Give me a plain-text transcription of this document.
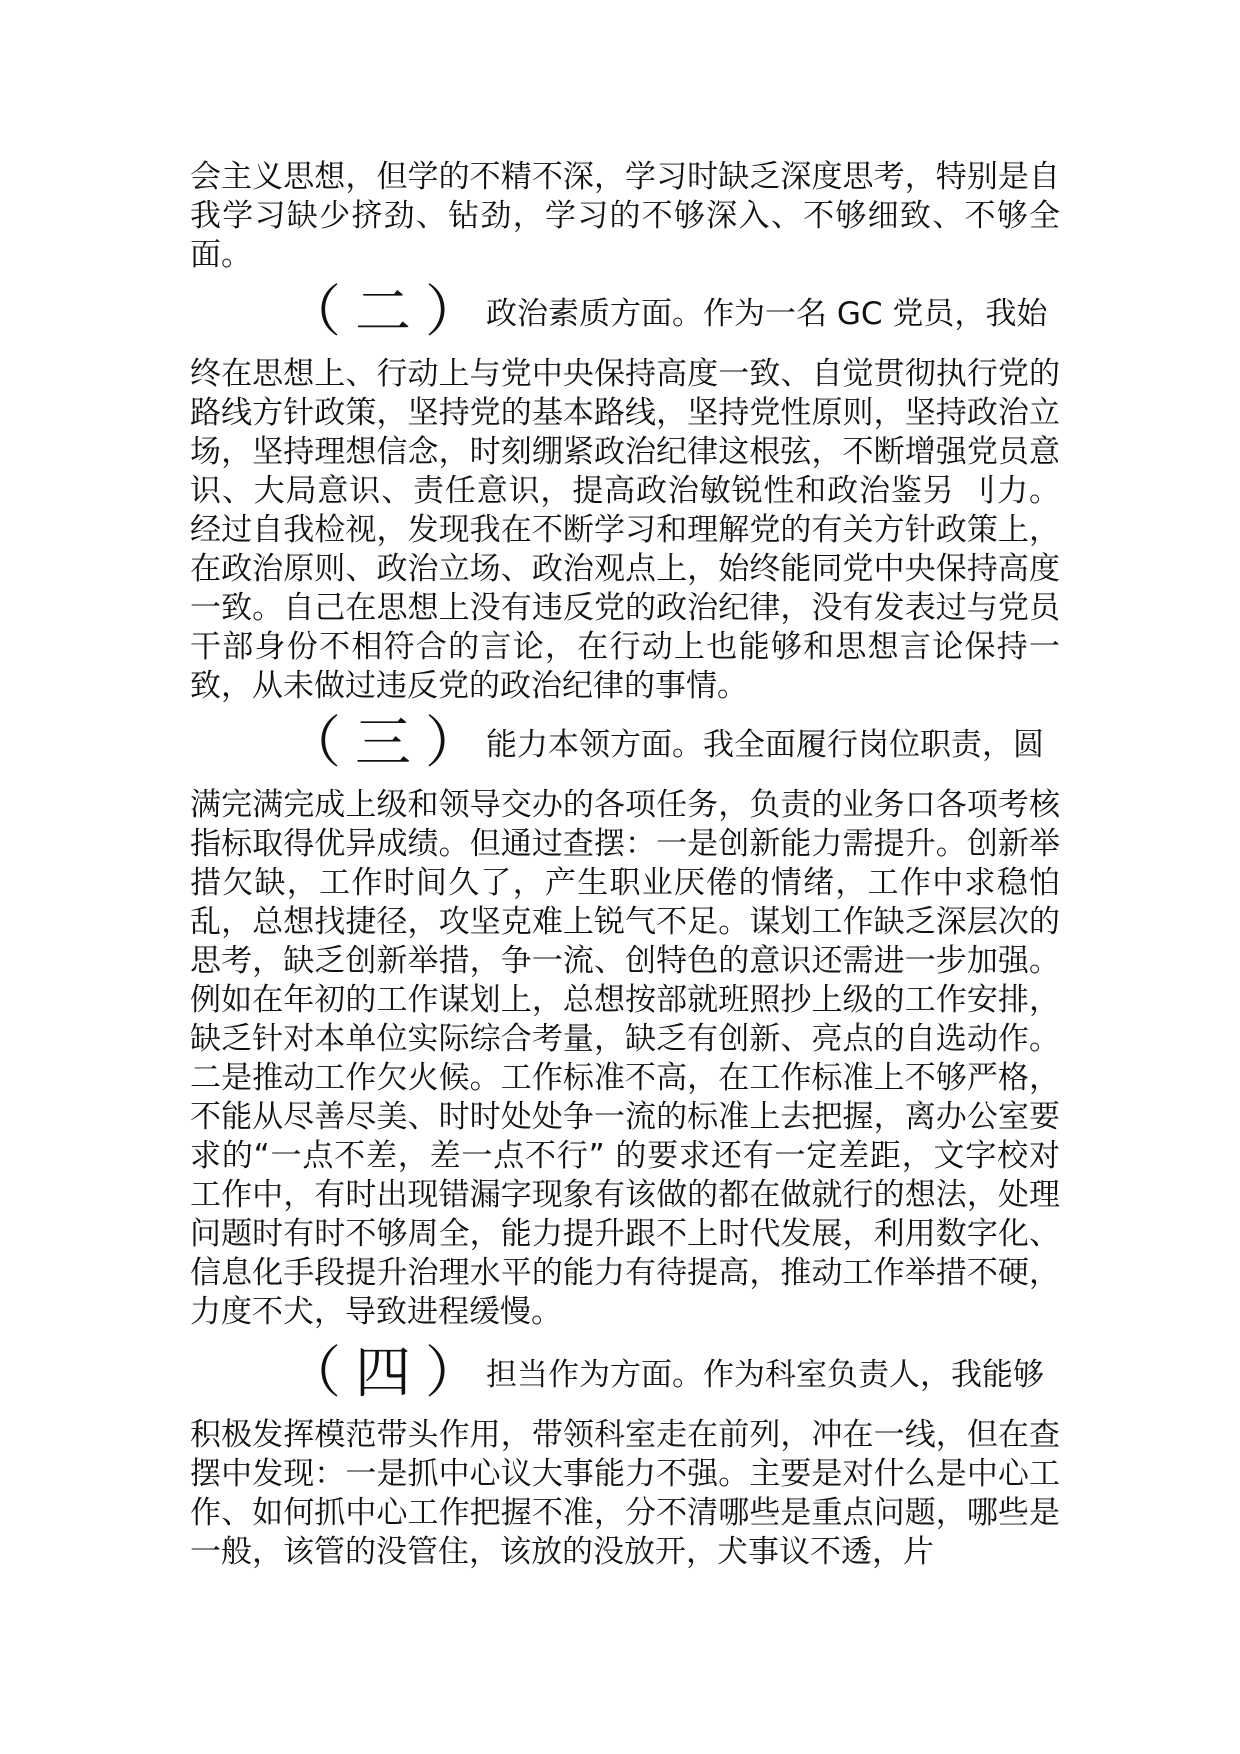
会主义思想，但学的不精不深，学习时缺乏深度思考，特别是自我学习缺少挤劲、钻劲，学习的不够深入、不够细致、不够全面。

（二）
政治素质方面。作为一名 GC 党员，我始

终在思想上、行动上与党中央保持高度一致、自觉贯彻执行党的路线方针政策，坚持党的基本路线，坚持党性原则，坚持政治立场，坚持理想信念，时刻绷紧政治纪律这根弦，不断增强党员意识、大局意识、责任意识，提高政治敏锐性和政治鉴另 刂力。经过自我检视，发现我在不断学习和理解党的有关方针政策上，在政治原则、政治立场、政治观点上，始终能同党中央保持高度一致。自己在思想上没有违反党的政治纪律，没有发表过与党员干部身份不相符合的言论，在行动上也能够和思想言论保持一致，从未做过违反党的政治纪律的事情。

（三）
能力本领方面。我全面履行岗位职责，圆

满完满完成上级和领导交办的各项任务，负责的业务口各项考核指标取得优异成绩。但通过查摆：一是创新能力需提升。创新举措欠缺，工作时间久了，产生职业厌倦的情绪，工作中求稳怕乱，总想找捷径，攻坚克难上锐气不足。谋划工作缺乏深层次的思考，缺乏创新举措，争一流、创特色的意识还需进一步加强。例如在年初的工作谋划上，总想按部就班照抄上级的工作安排，缺乏针对本单位实际综合考量，缺乏有创新、亮点的自选动作。二是推动工作欠火候。工作标准不高，在工作标准上不够严格，不能从尽善尽美、时时处处争一流的标准上去把握，离办公室要求的“一点不差，差一点不行” 的要求还有一定差距，文字校对工作中，有时出现错漏字现象有该做的都在做就行的想法，处理问题时有时不够周全，能力提升跟不上时代发展，利用数字化、信息化手段提升治理水平的能力有待提高，推动工作举措不硬，力度不犬，导致进程缓慢。

（四）
担当作为方面。作为科室负责人，我能够

积极发挥模范带头作用，带领科室走在前列，冲在一线，但在查摆中发现：一是抓中心议大事能力不强。主要是对什么是中心工作、如何抓中心工作把握不准，分不清哪些是重点问题，哪些是一般，该管的没管住，该放的没放开，犬事议不透，片
